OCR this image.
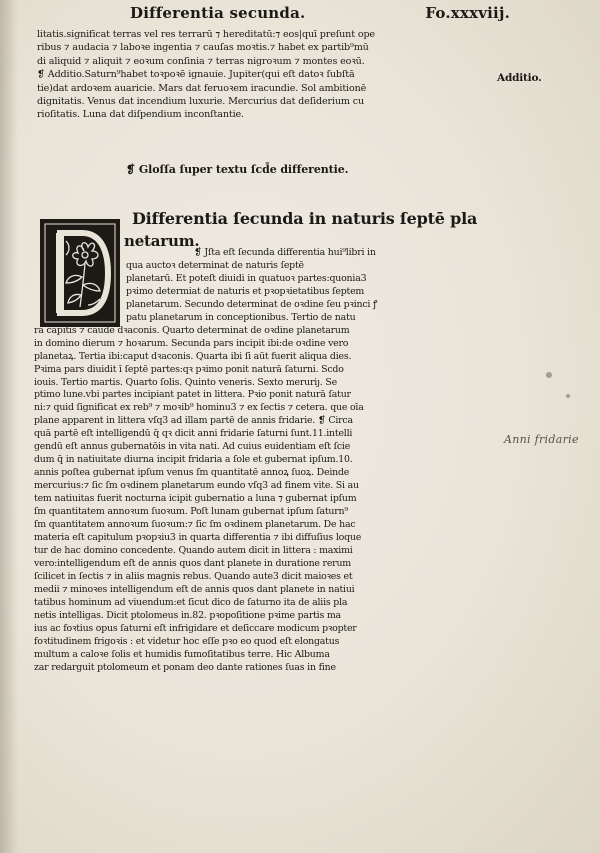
Differentia secunda.	Fo.xxxviij.
litatis.significat terras vel res terrarū ⁊ hereditatū:⁊ eos|quī preſunt ope
ribus ⁊ audacia ⁊ laboꝛe ingentia ⁊ cauſas moꝛtis.⁊ habet ex partib⁹mū
di aliquid ⁊ aliquit ⁊ eoꝛum conſinia ⁊ terras nigroꝛum ⁊ montes eoꝛū.
❡ Additio.Saturn⁹habet toꝛpoꝛē ignauie. Jupiter(qui eſt datoꝛ ſubſtā
tie)dat ardoꝛem auaricie. Mars dat feruoꝛem iracundie. Sol ambitionē
dignitatis. Venus dat incendium luxurie. Mercurius dat deſiderium cu
rioſitatis. Luna dat diſpendium inconſtantie.
Additio.
❡ Gloſſa ſuper textu ſcd̄e differentie.
Differentia ſecunda in naturis ſeptē pla
netarum.
❡ Jſta eſt ſecunda differentia hui⁹libri in
qua auctoꝛ determinat de naturis ſeptē
planetarū. Et poteſt diuidi in quatuoꝛ partes:quonia3
pꝛimo determiat de naturis et pꝛopꝛietatibus ſeptem
planetarum. Secundo determinat de oꝛdine ſeu pꝛinci ꝭ
patu planetarum in conceptionibus. Tertio de natu
ra capitis ⁊ caude dꝛaconis. Quarto determinat de oꝛdine planetarum
in domino dierum ⁊ hoꝛarum. Secunda pars incipit ibi:de oꝛdine vero
planetaꝝ. Tertia ibi:caput dꝛaconis. Quarta ibi ſi aūt fuerit aliqua dies.
Pꝛima pars diuidit ī ſeptē partes:qꝛ pꝛimo ponit naturā ſaturni. Scd̄o
iouis. Tertio martis. Quarto ſolis. Quinto veneris. Sexto meruriȷ. Se
ptimo lune.vbi partes incipiant patet in littera. Pꝛio ponit naturā ſatur
ni:⁊ quid ſignificat ex reb⁹ ⁊ moꝛib⁹ hominu3 ⁊ ex ſectis ⁊ cetera. que oīa
plane apparent in littera vſq3 ad illam partē de annis fridarie. ❡ Circa
quā partē eſt intelligendū q̄ qꝛ dicit anni fridarie ſaturni ſunt.11.intelli
gendū eſt annus gubernatōis in vita nati. Ad cuius euidentiam eſt ſcie
dum q̄ in natiuitate diurna incipit fridaria a ſole et gubernat ipſum.10.
annis poſtea gubernat ipſum venus ſm quantitatē annoꝝ ſuoꝝ. Deinde
mercurius:⁊ ſic ſm oꝛdinem planetarum eundo vſq3 ad finem vite. Si au
tem natiuitas fuerit nocturna icipit gubernatio a luna ⁊ gubernat ipſum
ſm quantitatem annoꝛum ſuoꝛum. Poſt lunam gubernat ipſum ſaturn⁹
ſm quantitatem annoꝛum ſuoꝛum:⁊ ſic ſm oꝛdinem planetarum. De hac
materia eſt capitulum pꝛopꝛiu3 in quarta differentia ⁊ ibi diffuſius loque
tur de hac domino concedente. Quando autem dicit in littera : maximi
vero:intelligendum eſt de annis quos dant planete in duratione rerum
ſcilicet in ſectis ⁊ in aliis magnis rebus. Quando aute3 dicit maioꝛes et
medii ⁊ minoꝛes intelligendum eſt de annis quos dant planete in natiui
tatibus hominum ad viuendum:et ſicut dico de ſaturno ita de aliis pla
netis intelligas. Dicit ptolomeus in.82. pꝛopoſitione pꝛime partis ma
ius ac foꝛtius opus ſaturni eſt infrigidare et deſiccare modicum pꝛopter
foꝛtitudinem frigoꝛis : et videtur hoc eſſe pꝛo eo quod eſt elongatus
multum a caloꝛe ſolis et humidis fumoſitatibus terre. Hic Albuma
zar redarguit ptolomeum et ponam deo dante rationes ſuas in fine
Anni fridarie
